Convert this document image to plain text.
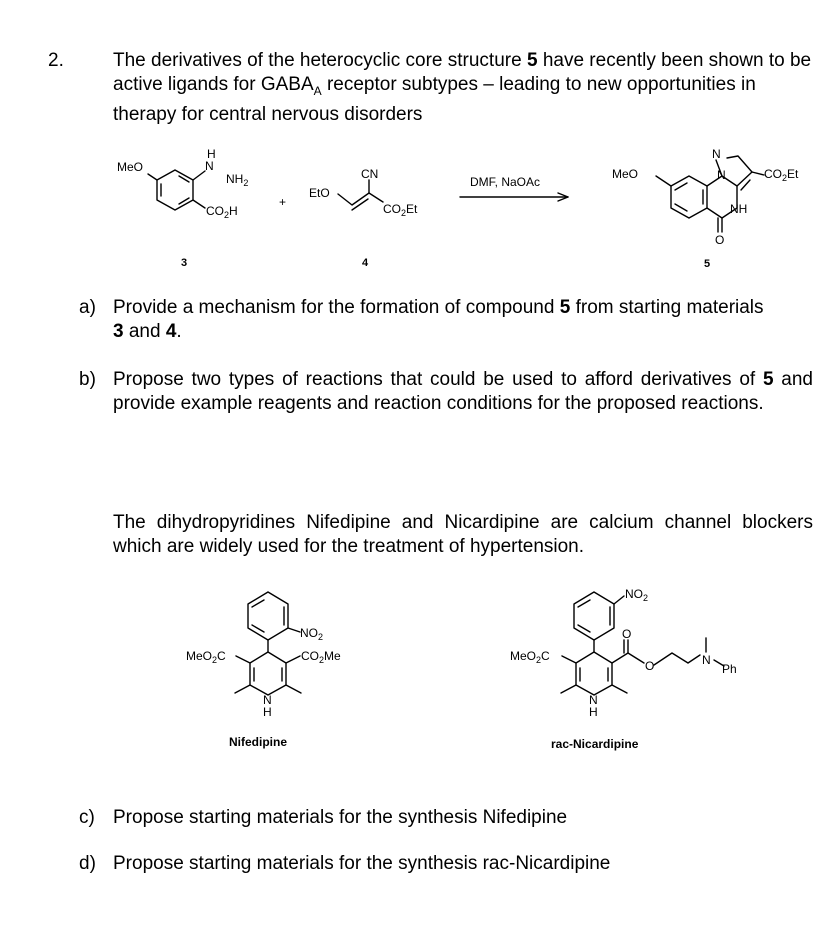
2.	The derivatives of the heterocyclic core structure 5 have recently been shown to be active ligands for $GABA_A$ receptor subtypes – leading to new opportunities in therapy for central nervous disorders

MeO
H
N
$NH_2$
$CO_2H$
3
+
EtO
CN
$CO_2Et$
4
DMF, NaOAc
MeO
N
N
NH
O
$CO_2Et$
5
$NO_2$
MeO$_2$C	$CO_2Me$
N
H
Nifedipine
$NO_2$
MeO$_2$C
O
O	N
Ph
N
H
rac-Nicardipine
a) Provide a mechanism for the formation of compound 5 from starting materials 3 and 4.
b) Propose two types of reactions that could be used to afford derivatives of 5 and provide example reagents and reaction conditions for the proposed reactions.

The dihydropyridines Nifedipine and Nicardipine are calcium channel blockers which are widely used for the treatment of hypertension.

c) Propose starting materials for the synthesis Nifedipine
d) Propose starting materials for the synthesis rac-Nicardipine
